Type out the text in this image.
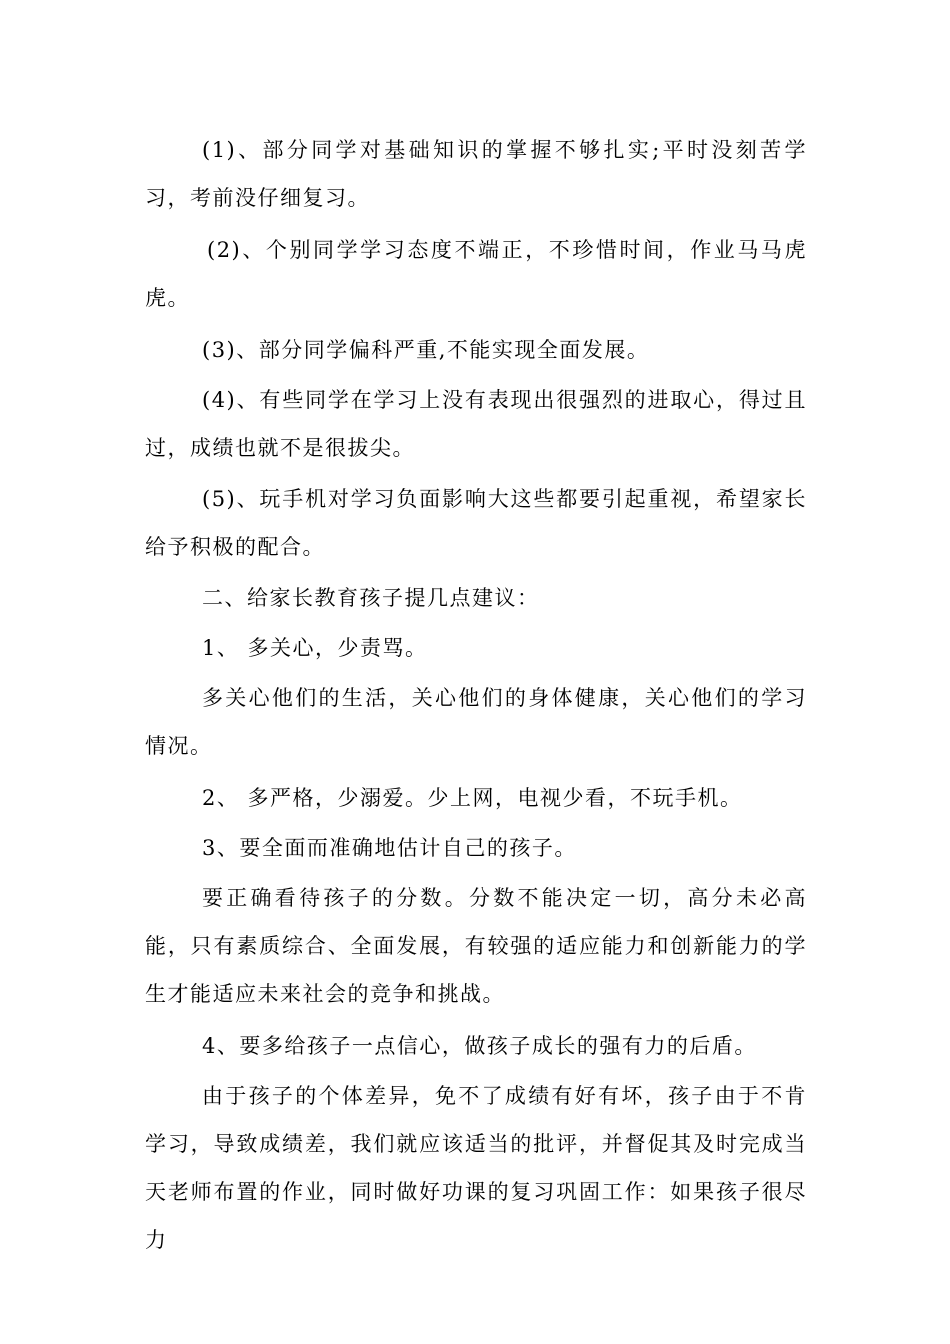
(1)、部分同学对基础知识的掌握不够扎实;平时没刻苦学习，考前没仔细复习。

(2)、个别同学学习态度不端正，不珍惜时间，作业马马虎虎。

(3)、部分同学偏科严重,不能实现全面发展。

(4)、有些同学在学习上没有表现出很强烈的进取心，得过且过，成绩也就不是很拔尖。

(5)、玩手机对学习负面影响大这些都要引起重视，希望家长给予积极的配合。

二、给家长教育孩子提几点建议：

1、 多关心，少责骂。

多关心他们的生活，关心他们的身体健康，关心他们的学习情况。

2、 多严格，少溺爱。少上网，电视少看，不玩手机。

3、要全面而准确地估计自己的孩子。

要正确看待孩子的分数。分数不能决定一切，高分未必高能，只有素质综合、全面发展，有较强的适应能力和创新能力的学生才能适应未来社会的竞争和挑战。

4、要多给孩子一点信心，做孩子成长的强有力的后盾。

由于孩子的个体差异，免不了成绩有好有坏，孩子由于不肯学习，导致成绩差，我们就应该适当的批评，并督促其及时完成当天老师布置的作业，同时做好功课的复习巩固工作：如果孩子很尽力
